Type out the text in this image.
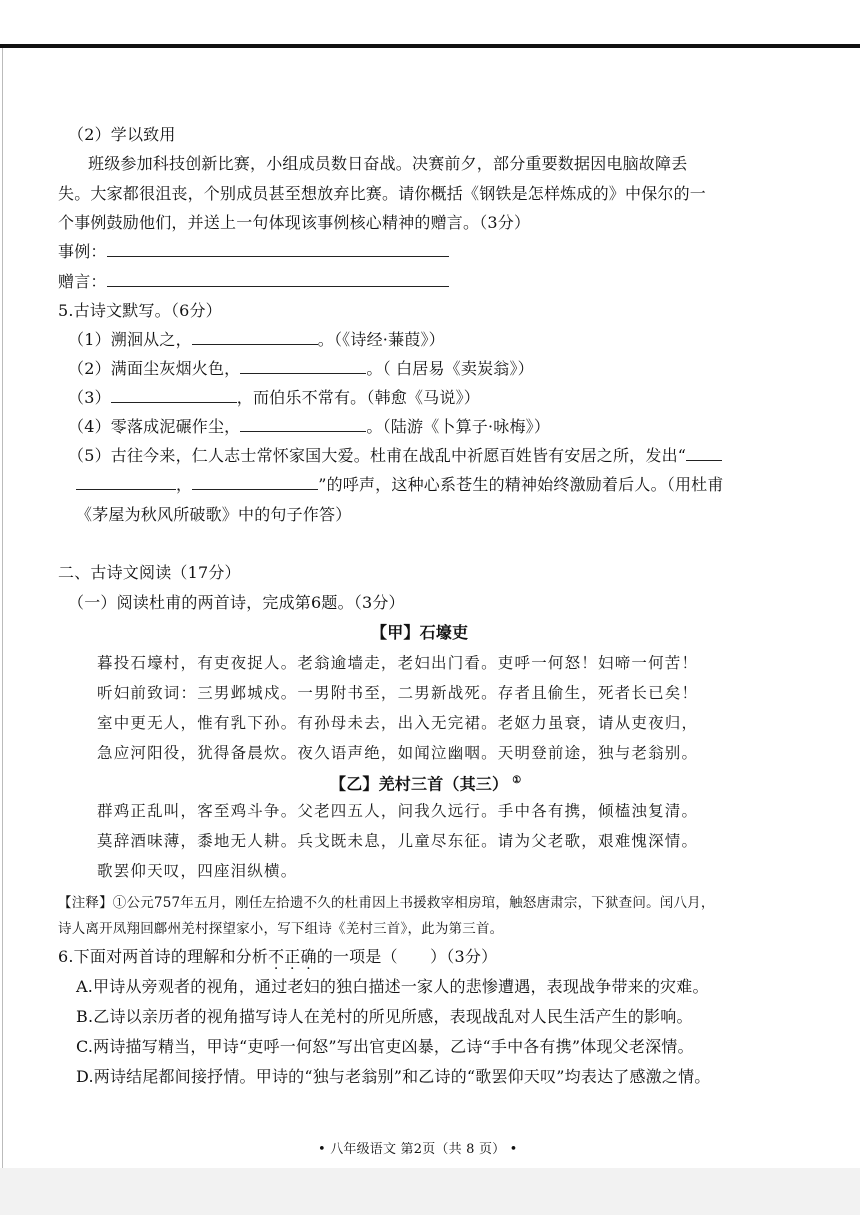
（2）学以致用
班级参加科技创新比赛，小组成员数日奋战。决赛前夕，部分重要数据因电脑故障丢
失。大家都很沮丧，个别成员甚至想放弃比赛。请你概括《钢铁是怎样炼成的》中保尔的一
个事例鼓励他们，并送上一句体现该事例核心精神的赠言。（3分）
事例：
赠言：
5.古诗文默写。（6分）
（1）溯洄从之，	。（《诗经·蒹葭》）
（2）满面尘灰烟火色，	。（ 白居易《卖炭翁》）
（3）	，而伯乐不常有。（韩愈《马说》）
（4）零落成泥碾作尘，	。（陆游《卜算子·咏梅》）
（5）古往今来，仁人志士常怀家国大爱。杜甫在战乱中祈愿百姓皆有安居之所，发出“
，	”的呼声，这种心系苍生的精神始终激励着后人。（用杜甫
《茅屋为秋风所破歌》中的句子作答）
二、古诗文阅读（17分）
（一）阅读杜甫的两首诗，完成第6题。（3分）
【甲】石壕吏
暮投石壕村，有吏夜捉人。老翁逾墙走，老妇出门看。吏呼一何怒！妇啼一何苦！
听妇前致词：三男邺城戍。一男附书至，二男新战死。存者且偷生，死者长已矣！
室中更无人，惟有乳下孙。有孙母未去，出入无完裙。老妪力虽衰，请从吏夜归，
急应河阳役，犹得备晨炊。夜久语声绝，如闻泣幽咽。天明登前途，独与老翁别。
【乙】羌村三首（其三） ①
群鸡正乱叫，客至鸡斗争。父老四五人，问我久远行。手中各有携，倾榼浊复清。
莫辞酒味薄，黍地无人耕。兵戈既未息，儿童尽东征。请为父老歌，艰难愧深情。
歌罢仰天叹，四座泪纵横。
【注释】①公元757年五月，刚任左拾遗不久的杜甫因上书援救宰相房琯，触怒唐肃宗，下狱查问。闰八月，
诗人离开凤翔回鄜州羌村探望家小，写下组诗《羌村三首》，此为第三首。
6.下面对两首诗的理解和分析不正确的一项是（　　）（3分）
A.甲诗从旁观者的视角，通过老妇的独白描述一家人的悲惨遭遇，表现战争带来的灾难。
B.乙诗以亲历者的视角描写诗人在羌村的所见所感，表现战乱对人民生活产生的影响。
C.两诗描写精当，甲诗“吏呼一何怒”写出官吏凶暴，乙诗“手中各有携”体现父老深情。
D.两诗结尾都间接抒情。甲诗的“独与老翁别”和乙诗的“歌罢仰天叹”均表达了感激之情。
• 八年级语文 第2页（共 8 页） •
